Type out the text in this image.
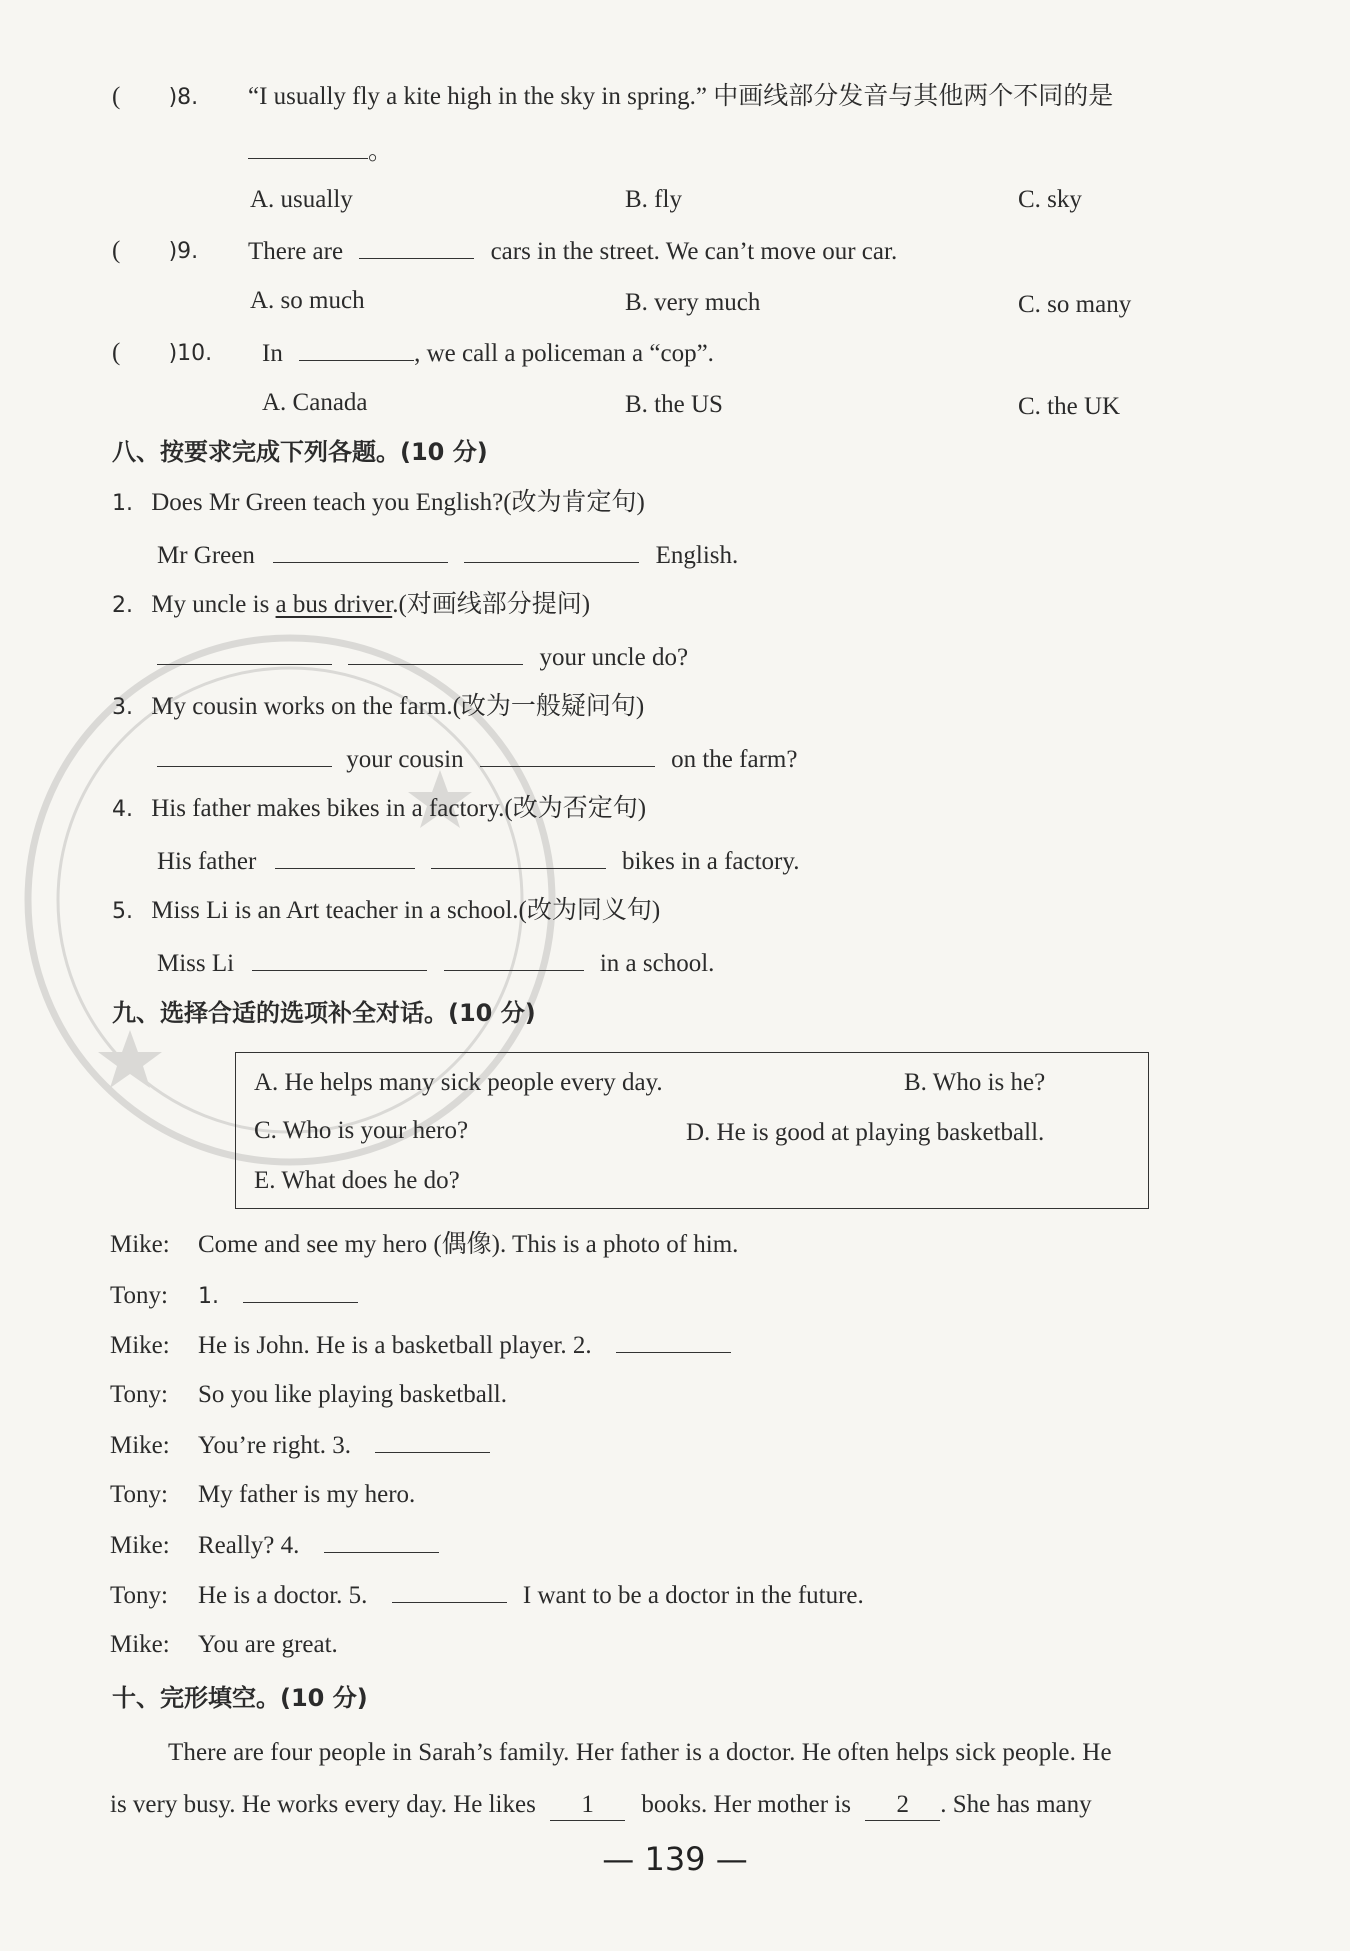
( )8. “I usually fly a kite high in the sky in spring.” 中画线部分发音与其他两个不同的是
。
A. usually	B. fly	C. sky
( )9. There are	cars in the street. We can’t move our car.
A. so much	B. very much	C. so many
( )10. In	, we call a policeman a “cop”.
A. Canada	B. the US	C. the UK
八、按要求完成下列各题。(10 分)
1. Does Mr Green teach you English?(改为肯定句)
Mr Green	English.
2. My uncle is a bus driver.(对画线部分提问)
your uncle do?
3. My cousin works on the farm.(改为一般疑问句)
your cousin	on the farm?
4. His father makes bikes in a factory.(改为否定句)
His father	bikes in a factory.
5. Miss Li is an Art teacher in a school.(改为同义句)
Miss Li	in a school.
九、选择合适的选项补全对话。(10 分)
A. He helps many sick people every day.	B. Who is he?
C. Who is your hero?	D. He is good at playing basketball.
E. What does he do?
Mike: Come and see my hero (偶像). This is a photo of him.
Tony: 1.
Mike: He is John. He is a basketball player. 2.
Tony: So you like playing basketball.
Mike: You’re right. 3.
Tony: My father is my hero.
Mike: Really? 4.
Tony: He is a doctor. 5.	I want to be a doctor in the future.
Mike: You are great.
十、完形填空。(10 分)
There are four people in Sarah’s family. Her father is a doctor. He often helps sick people. He
is very busy. He works every day. He likes 1 books. Her mother is 2 . She has many
— 139 —
